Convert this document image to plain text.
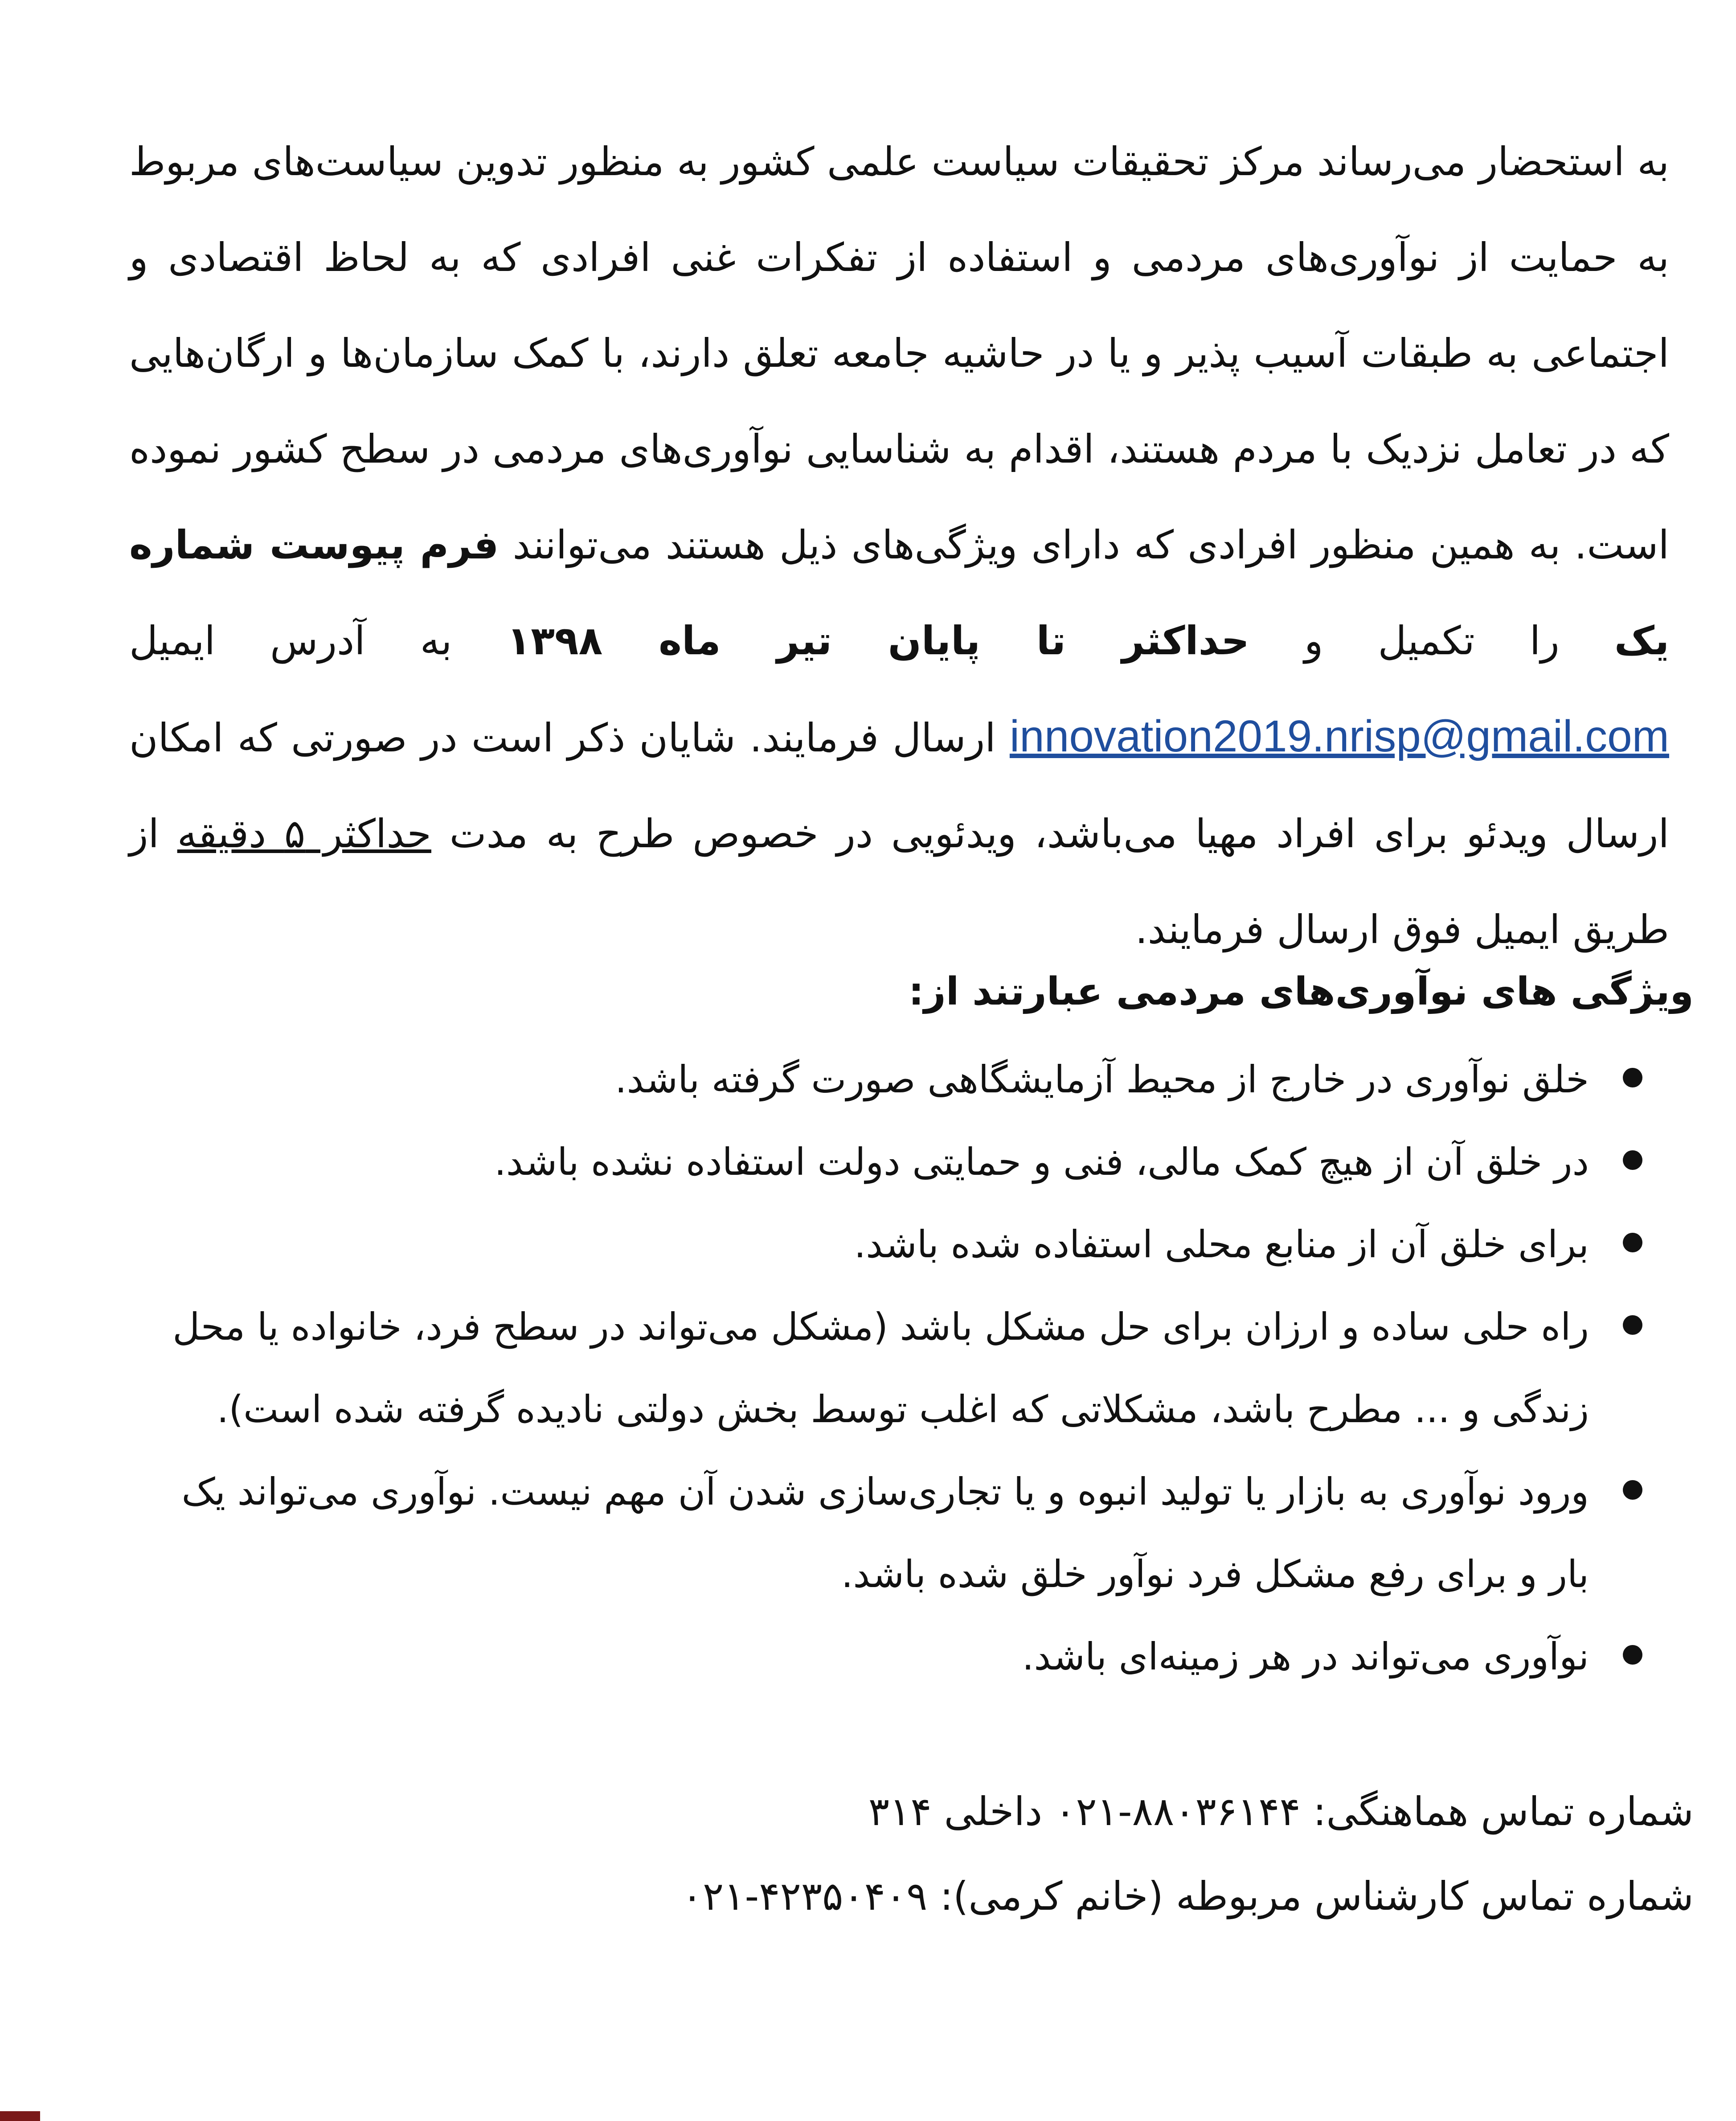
به استحضار می‌رساند مرکز تحقیقات سیاست علمی کشور به منظور تدوین سیاست‌های مربوط به حمایت از نوآوری‌های مردمی و استفاده از تفکرات غنی افرادی که به لحاظ اقتصادی و اجتماعی به طبقات آسیب پذیر و یا در حاشیه جامعه تعلق دارند، با کمک سازمان‌ها و ارگان‌هایی که در تعامل نزدیک با مردم هستند، اقدام به شناسایی نوآوری‌های مردمی در سطح کشور نموده است. به همین منظور افرادی که دارای ویژگی‌های ذیل هستند می‌توانند فرم پیوست شماره یک را تکمیل و حداکثر تا پایان تیر ماه ۱۳۹۸ به آدرس ایمیل innovation2019.nrisp@gmail.com ارسال فرمایند. شایان ذکر است در صورتی که امکان ارسال ویدئو برای افراد مهیا می‌باشد، ویدئویی در خصوص طرح به مدت حداکثر ۵ دقیقه از طریق ایمیل فوق ارسال فرمایند.

ویژگی های نوآوری‌های مردمی عبارتند از:
خلق نوآوری در خارج از محیط آزمایشگاهی صورت گرفته باشد.
در خلق آن از هیچ کمک مالی، فنی و حمایتی دولت استفاده نشده باشد.
برای خلق آن از منابع محلی استفاده شده باشد.
راه حلی ساده و ارزان برای حل مشکل باشد (مشکل می‌تواند در سطح فرد، خانواده یا محل زندگی و ... مطرح باشد، مشکلاتی که اغلب توسط بخش دولتی نادیده گرفته شده است).
ورود نوآوری به بازار یا تولید انبوه و یا تجاری‌سازی شدن آن مهم نیست. نوآوری می‌تواند یک بار و برای رفع مشکل فرد نوآور خلق شده باشد.
نوآوری می‌تواند در هر زمینه‌ای باشد.

شماره تماس هماهنگی: ۸۸۰۳۶۱۴۴-۰۲۱ داخلی ۳۱۴

شماره تماس کارشناس مربوطه (خانم کرمی): ۴۲۳۵۰۴۰۹-۰۲۱
